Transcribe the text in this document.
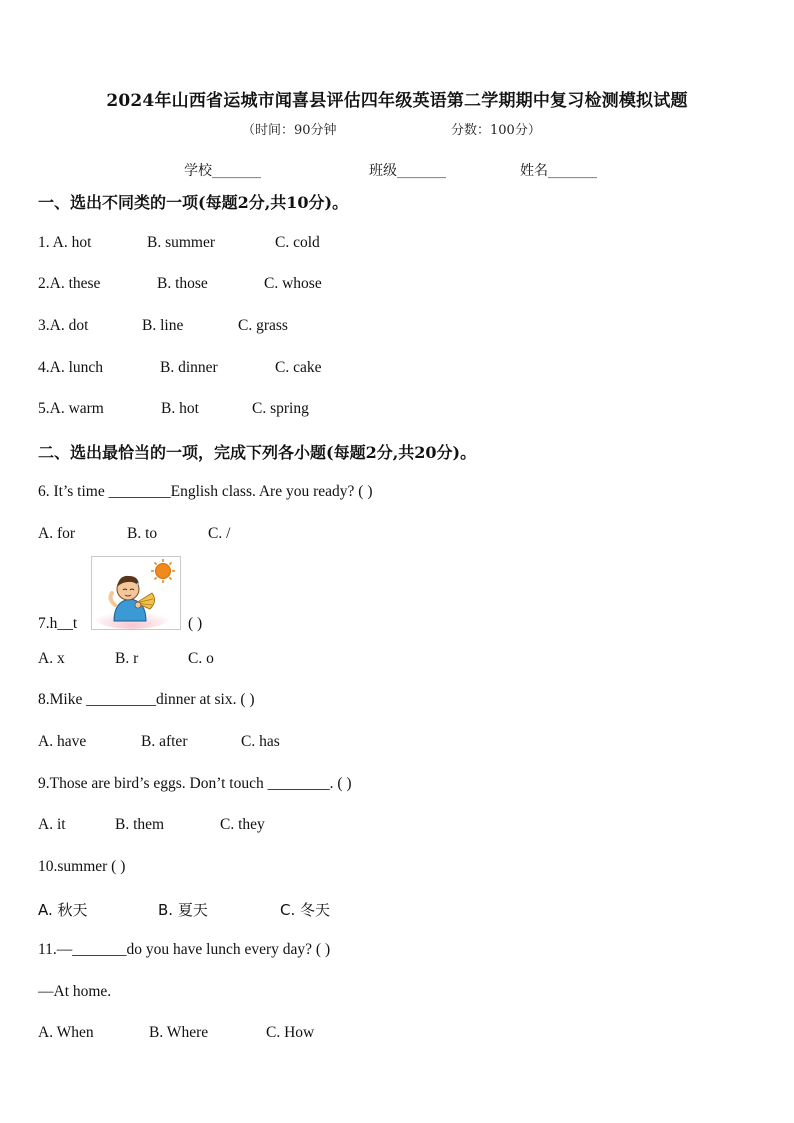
2024年山西省运城市闻喜县评估四年级英语第二学期期中复习检测模拟试题
（时间：90分钟	分数：100分）
学校_______	班级_______	姓名_______
一、选出不同类的一项(每题2分,共10分)。
1. A. hot	B. summer	C. cold
2.A. these	B. those	C. whose
3.A. dot	B. line	C. grass
4.A. lunch	B. dinner	C. cake
5.A. warm	B. hot	C. spring
二、选出最恰当的一项，完成下列各小题(每题2分,共20分)。
6. It’s time ________English class. Are you ready? ( )
A. for	B. to	C. /
7.h__t	( )
A. x	B. r	C. o
8.Mike _________dinner at six. ( )
A. have	B. after	C. has
9.Those are bird’s eggs. Don’t touch ________. ( )
A. it	B. them	C. they
10.summer ( )
A. 秋天	B. 夏天	C. 冬天
11.—_______do you have lunch every day? ( )
—At home.
A. When	B. Where	C. How
